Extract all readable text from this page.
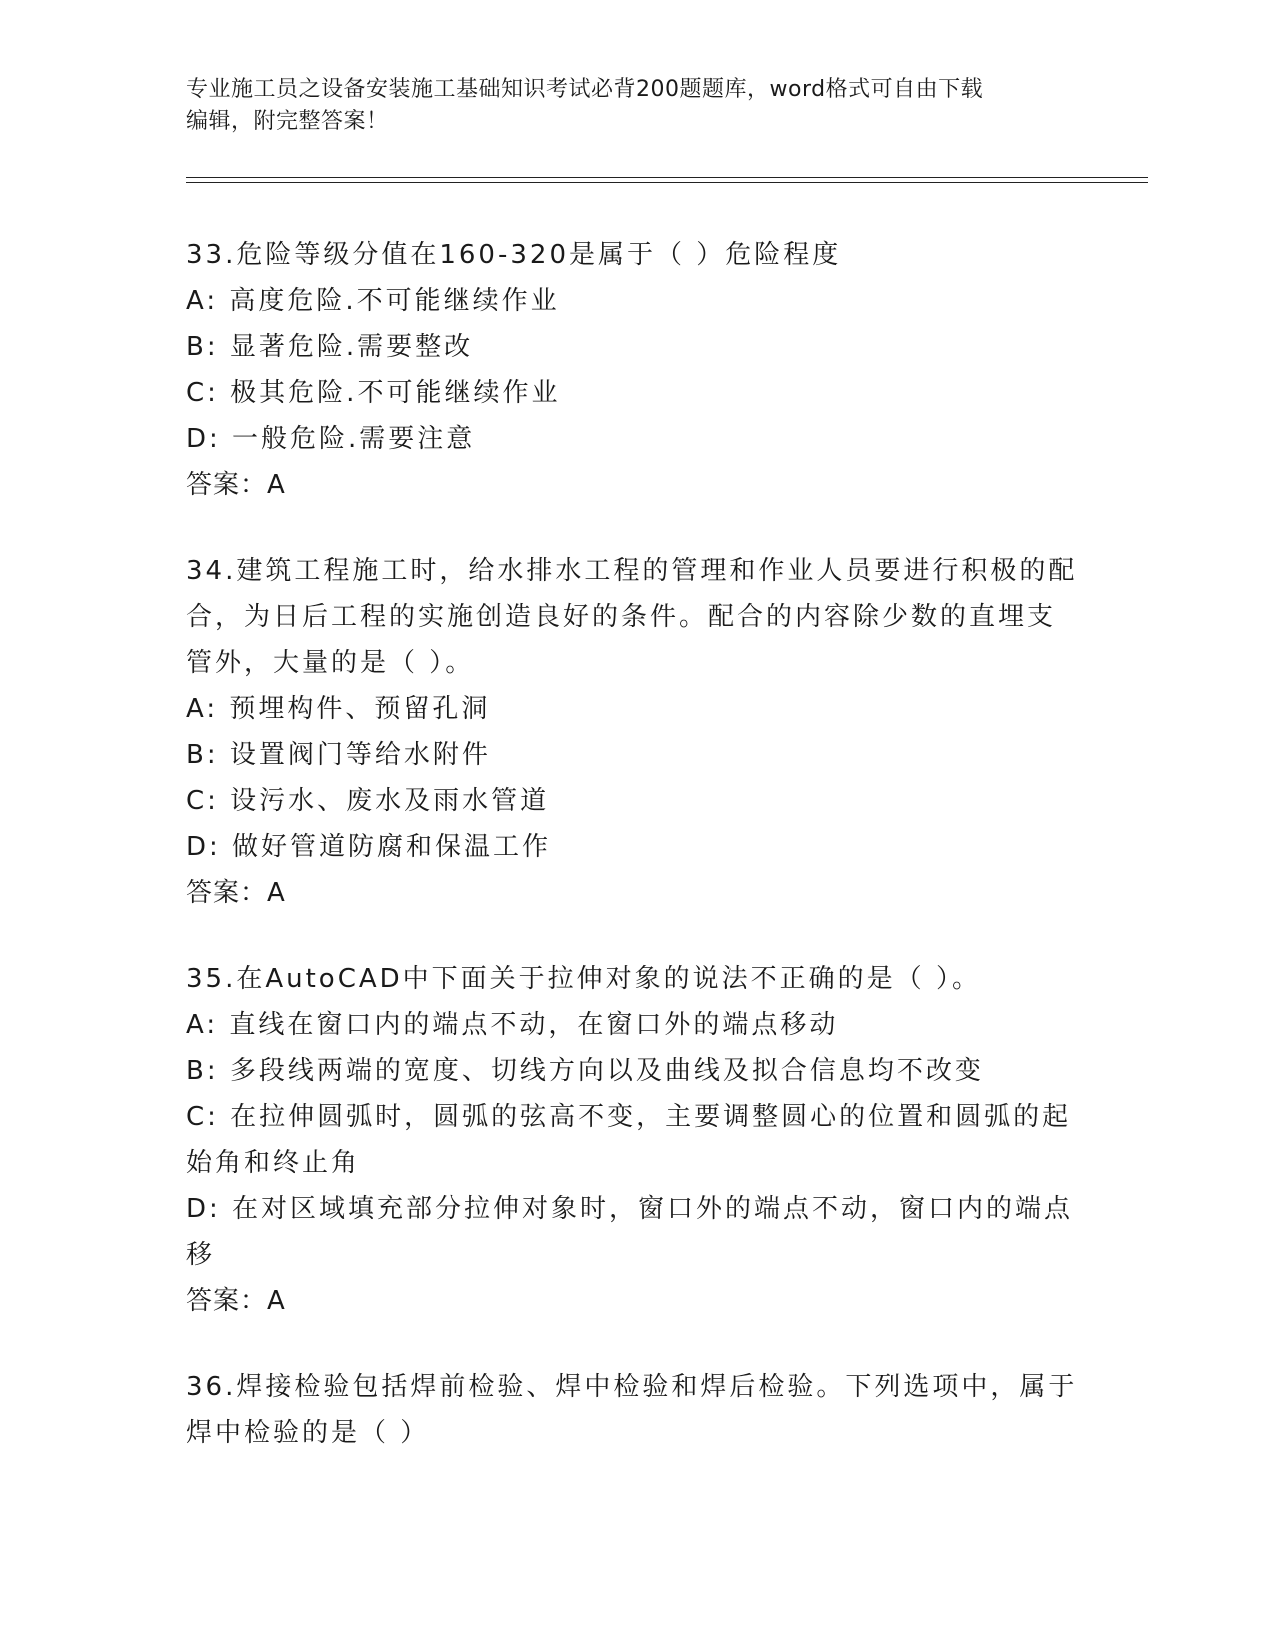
专业施工员之设备安装施工基础知识考试必背200题题库，word格式可自由下载
编辑，附完整答案！
33.危险等级分值在160-320是属于（ ）危险程度
A: 高度危险.不可能继续作业
B: 显著危险.需要整改
C: 极其危险.不可能继续作业
D: 一般危险.需要注意
答案：A
34.建筑工程施工时，给水排水工程的管理和作业人员要进行积极的配
合，为日后工程的实施创造良好的条件。配合的内容除少数的直埋支
管外，大量的是（ ）。
A: 预埋构件、预留孔洞
B: 设置阀门等给水附件
C: 设污水、废水及雨水管道
D: 做好管道防腐和保温工作
答案：A
35.在AutoCAD中下面关于拉伸对象的说法不正确的是（ ）。
A: 直线在窗口内的端点不动，在窗口外的端点移动
B: 多段线两端的宽度、切线方向以及曲线及拟合信息均不改变
C: 在拉伸圆弧时，圆弧的弦高不变，主要调整圆心的位置和圆弧的起
始角和终止角
D: 在对区域填充部分拉伸对象时，窗口外的端点不动，窗口内的端点
移
答案：A
36.焊接检验包括焊前检验、焊中检验和焊后检验。下列选项中，属于
焊中检验的是（ ）
